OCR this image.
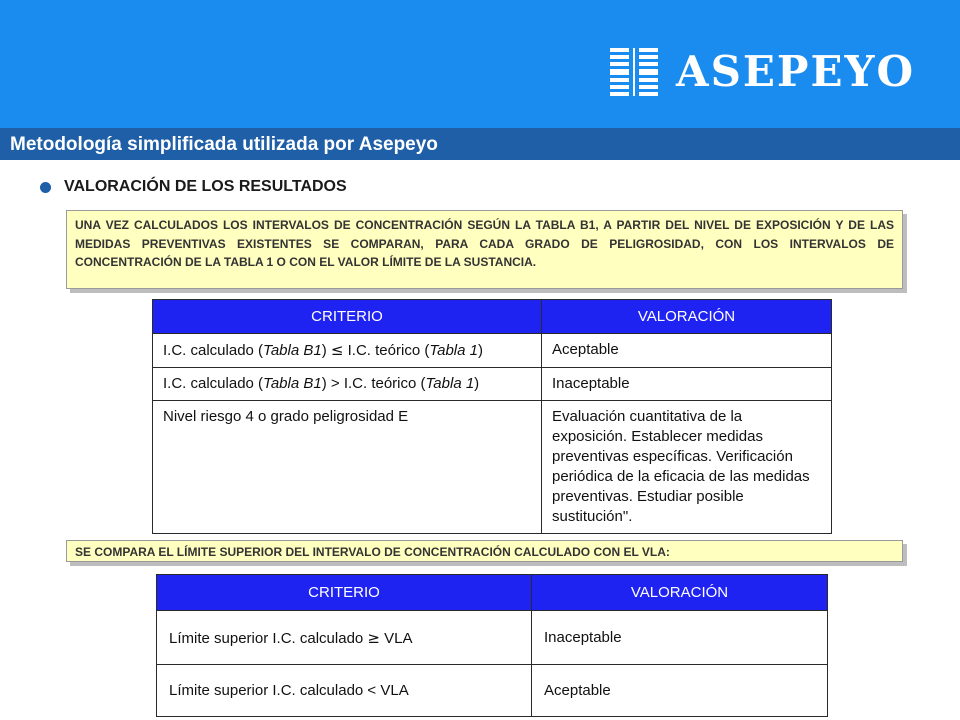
ASEPEYO
Metodología simplificada utilizada por Asepeyo
VALORACIÓN DE LOS RESULTADOS
UNA VEZ CALCULADOS LOS INTERVALOS DE CONCENTRACIÓN SEGÚN LA TABLA B1, A PARTIR DEL NIVEL DE EXPOSICIÓN Y DE LAS MEDIDAS PREVENTIVAS EXISTENTES SE COMPARAN, PARA CADA GRADO DE PELIGROSIDAD, CON LOS INTERVALOS DE CONCENTRACIÓN DE LA TABLA 1 O CON EL VALOR LÍMITE DE LA SUSTANCIA.
CRITERIO	VALORACIÓN
I.C. calculado (Tabla B1) ≤ I.C. teórico (Tabla 1)	Aceptable
I.C. calculado (Tabla B1) > I.C. teórico (Tabla 1)	Inaceptable
Nivel riesgo 4 o grado peligrosidad E	Evaluación cuantitativa de la exposición. Establecer medidas preventivas específicas. Verificación periódica de la eficacia de las medidas preventivas. Estudiar posible sustitución".
SE COMPARA EL LÍMITE SUPERIOR DEL INTERVALO DE CONCENTRACIÓN CALCULADO CON EL VLA:
CRITERIO	VALORACIÓN
Límite superior I.C. calculado ≥ VLA	Inaceptable
Límite superior I.C. calculado < VLA	Aceptable
